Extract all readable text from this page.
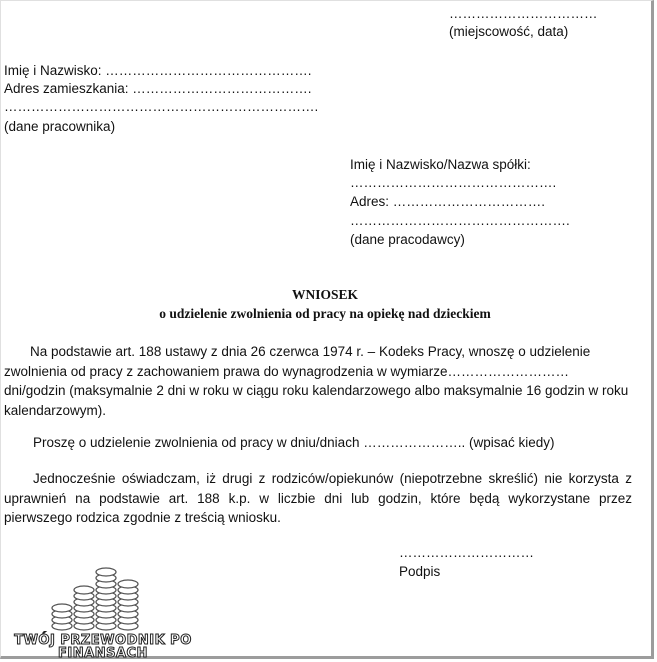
……………………………
(miejscowość, data)
Imię i Nazwisko: ……………………………………….
Adres zamieszkania: ………………………………….
…………………………………………………………….
(dane pracownika)
Imię i Nazwisko/Nazwa spółki:
……………………………………….
Adres: …………………………….
………………………………………….
(dane pracodawcy)
WNIOSEK
o udzielenie zwolnienia od pracy na opiekę nad dzieckiem
Na podstawie art. 188 ustawy z dnia 26 czerwca 1974 r. – Kodeks Pracy, wnoszę o udzielenie zwolnienia od pracy z zachowaniem prawa do wynagrodzenia w wymiarze……………………… dni/godzin (maksymalnie 2 dni w roku w ciągu roku kalendarzowego albo maksymalnie 16 godzin w roku kalendarzowym).
Proszę o udzielenie zwolnienia od pracy w dniu/dniach ………………….. (wpisać kiedy)
Jednocześnie oświadczam, iż drugi z rodziców/opiekunów (niepotrzebne skreślić) nie korzysta z uprawnień na podstawie art. 188 k.p. w liczbie dni lub godzin, które będą wykorzystane przez pierwszego rodzica zgodnie z treścią wniosku.
…………………………
Podpis
TWÓJ PRZEWODNIK PO
FINANSACH
